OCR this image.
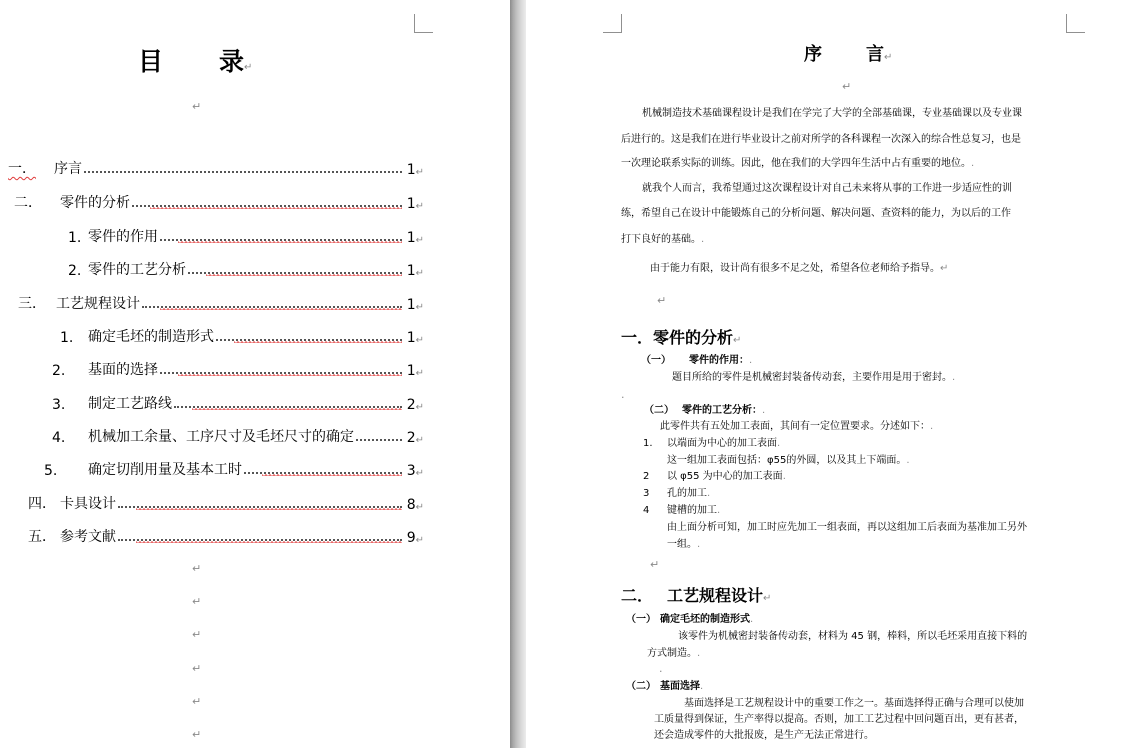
目 录↵
↵
一．	序言	1 ↵
二．	零件的分析	1 ↵
1. 零件的作用	1 ↵
2. 零件的工艺分析	1 ↵
三． 工艺规程设计	1 ↵
1.	确定毛坯的制造形式	1 ↵
2.	基面的选择	1 ↵
3.	制定工艺路线	2 ↵
4.	机械加工余量、工序尺寸及毛坯尺寸的确定	2 ↵
5.	确定切削用量及基本工时	3 ↵
四． 卡具设计	8 ↵
五． 参考文献	9 ↵
↵
↵
↵
↵
↵
↵
序 言↵
↵
机械制造技术基础课程设计是我们在学完了大学的全部基础课，专业基础课以及专业课
后进行的。这是我们在进行毕业设计之前对所学的各科课程一次深入的综合性总复习，也是
一次理论联系实际的训练。因此，他在我们的大学四年生活中占有重要的地位。.
就我个人而言，我希望通过这次课程设计对自己未来将从事的工作进一步适应性的训
练，希望自己在设计中能锻炼自己的分析问题、解决问题、查资料的能力，为以后的工作
打下良好的基础。.
由于能力有限，设计尚有很多不足之处，希望各位老师给予指导。↵
↵
一．零件的分析↵
（一） 零件的作用：.
题目所给的零件是机械密封装备传动套，主要作用是用于密封。.
.
（二） 零件的工艺分析：.
此零件共有五处加工表面，其间有一定位置要求。分述如下：.
1. 以端面为中心的加工表面.
这一组加工表面包括：φ55的外圆，以及其上下端面。.
2 以 φ55 为中心的加工表面.
3 孔的加工.
4 键槽的加工.
由上面分析可知，加工时应先加工一组表面，再以这组加工后表面为基准加工另外
一组。.
↵
二． 工艺规程设计↵
（一） 确定毛坯的制造形式.
该零件为机械密封装备传动套，材料为 45 钢，棒料，所以毛坯采用直接下料的
方式制造。.
.
（二） 基面选择.
基面选择是工艺规程设计中的重要工作之一。基面选择得正确与合理可以使加
工质量得到保证，生产率得以提高。否则，加工工艺过程中回问题百出，更有甚者，
还会造成零件的大批报废，是生产无法正常进行。
